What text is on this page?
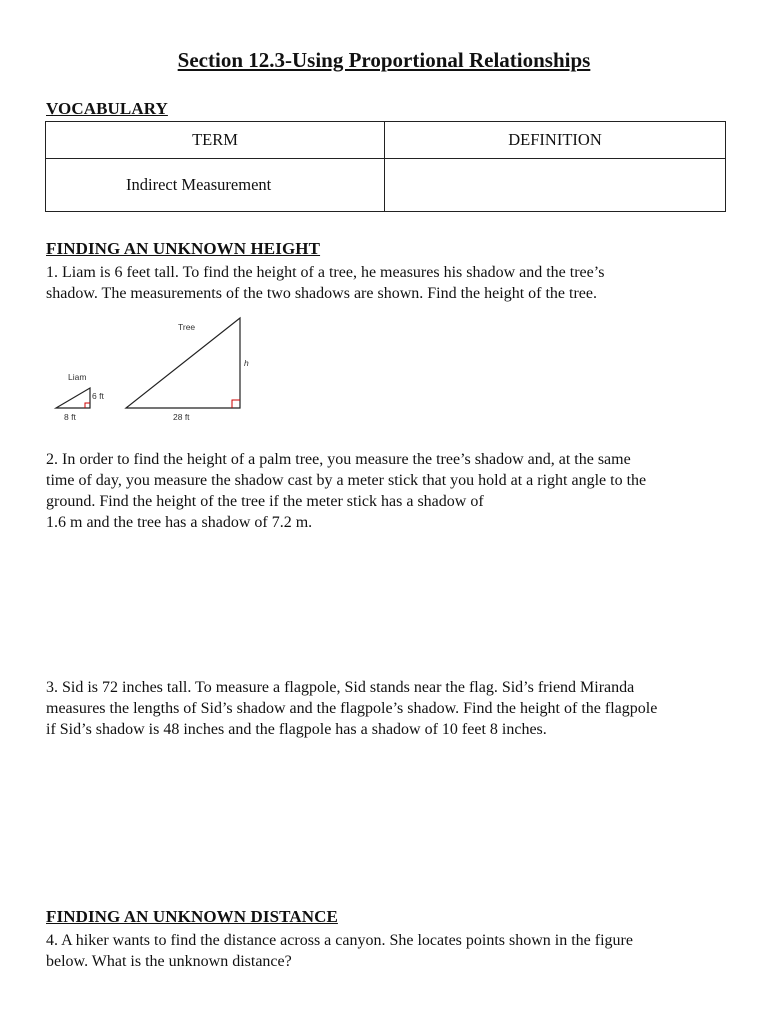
Section 12.3-Using Proportional Relationships
VOCABULARY
TERM	DEFINITION
Indirect Measurement	
FINDING AN UNKNOWN HEIGHT
1. Liam is 6 feet tall. To find the height of a tree, he measures his shadow and the tree’s
shadow. The measurements of the two shadows are shown. Find the height of the tree.
Liam
6 ft
8 ft
Tree
h
28 ft
2. In order to find the height of a palm tree, you measure the tree’s shadow and, at the same
time of day, you measure the shadow cast by a meter stick that you hold at a right angle to the
ground. Find the height of the tree if the meter stick has a shadow of
1.6 m and the tree has a shadow of 7.2 m.
3. Sid is 72 inches tall. To measure a flagpole, Sid stands near the flag. Sid’s friend Miranda
measures the lengths of Sid’s shadow and the flagpole’s shadow. Find the height of the flagpole
if Sid’s shadow is 48 inches and the flagpole has a shadow of 10 feet 8 inches.
FINDING AN UNKNOWN DISTANCE
4. A hiker wants to find the distance across a canyon. She locates points shown in the figure
below. What is the unknown distance?
